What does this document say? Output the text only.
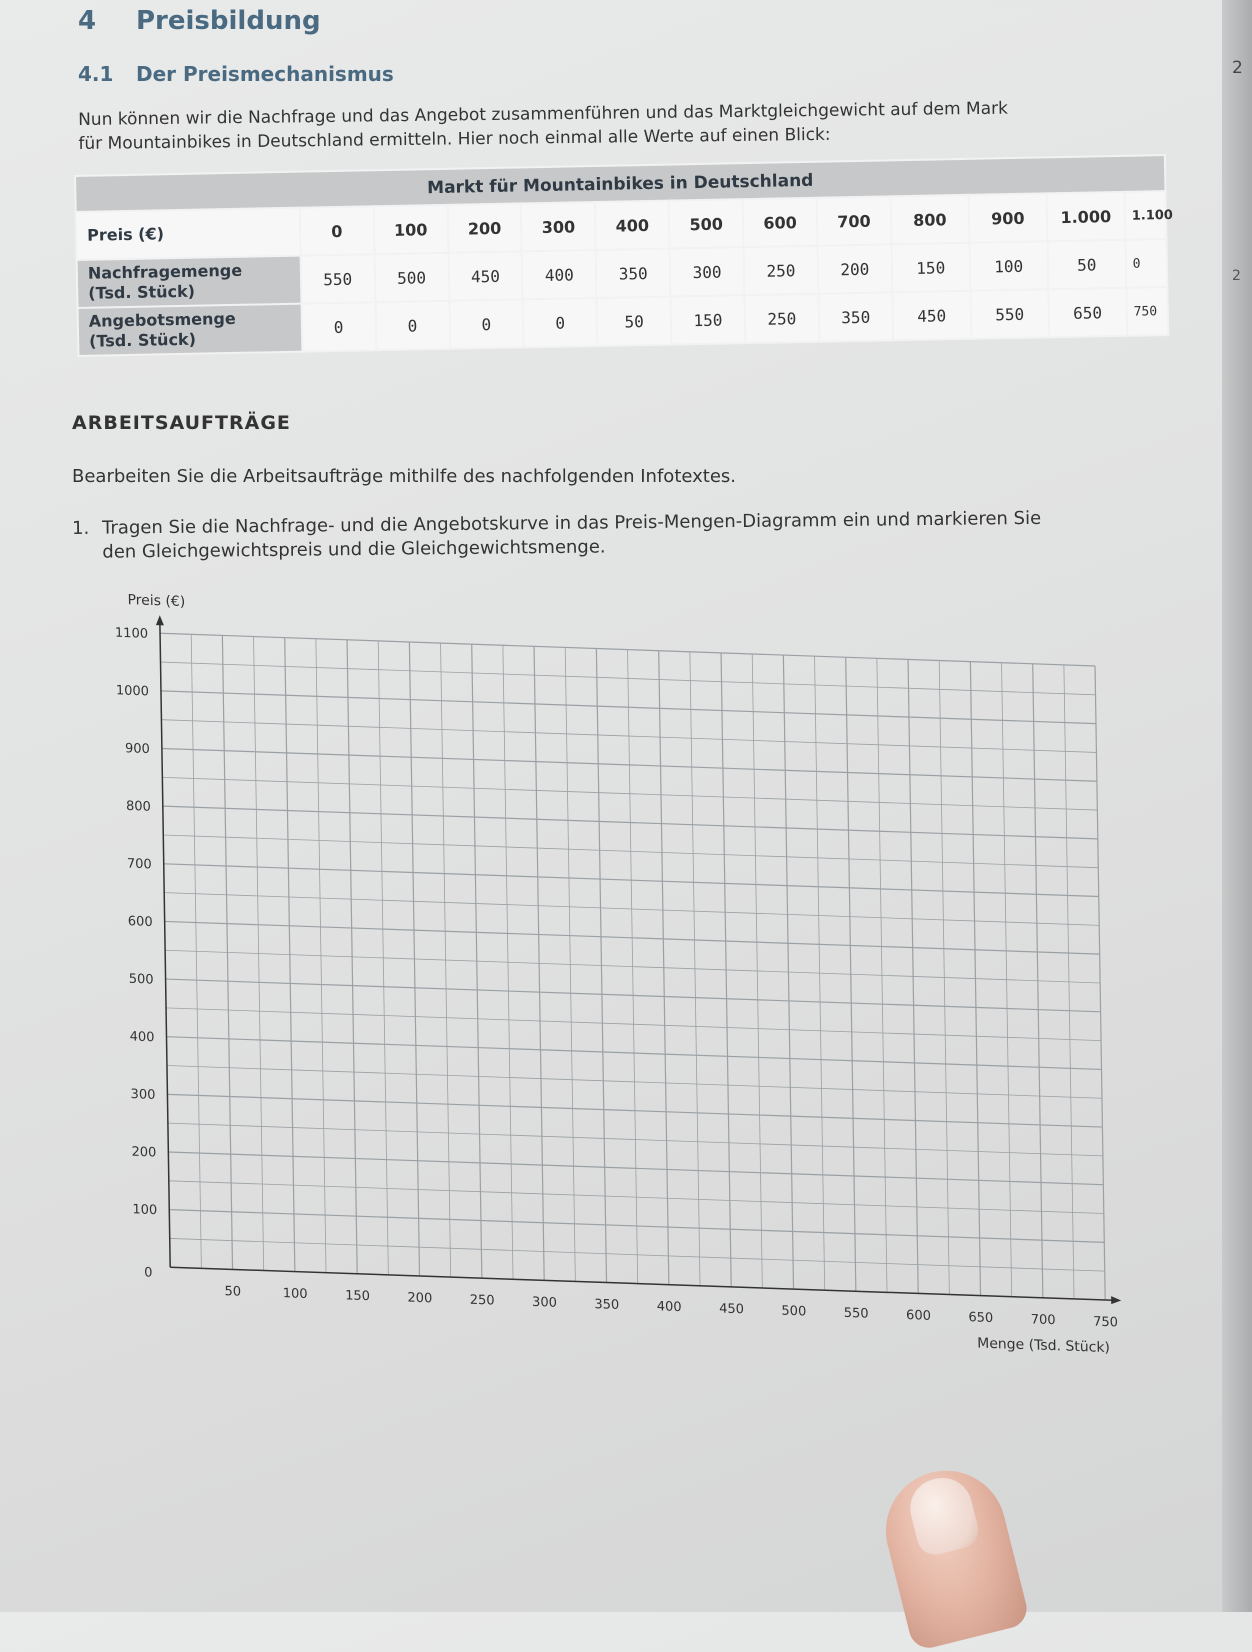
4 Preisbildung
4.1 Der Preismechanismus	2
2
Nun können wir die Nachfrage und das Angebot zusammenführen und das Marktgleichgewicht auf dem Mark
für Mountainbikes in Deutschland ermitteln. Hier noch einmal alle Werte auf einen Blick:
Markt für Mountainbikes in Deutschland												
Preis (€)	0	100	200	300	400	500	600	700	800	900	1.000	1.100

Nachfragemenge
(Tsd. Stück)	550	500	450	400	350	300	250	200	150	100	50	0

Angebotsmenge
(Tsd. Stück)	0	0	0	0	50	150	250	350	450	550	650	750
ARBEITSAUFTRÄGE
Bearbeiten Sie die Arbeitsaufträge mithilfe des nachfolgenden Infotextes.
1. Tragen Sie die Nachfrage- und die Angebotskurve in das Preis-Mengen-Diagramm ein und markieren Sie
den Gleichgewichtspreis und die Gleichgewichtsmenge.
100
200
300
400
500
600
700
800
900
1000
1100
0
50	100	150	200	250	300	350	400	450	500	550	600	650	700	750
Preis (€)
Menge (Tsd. Stück)
